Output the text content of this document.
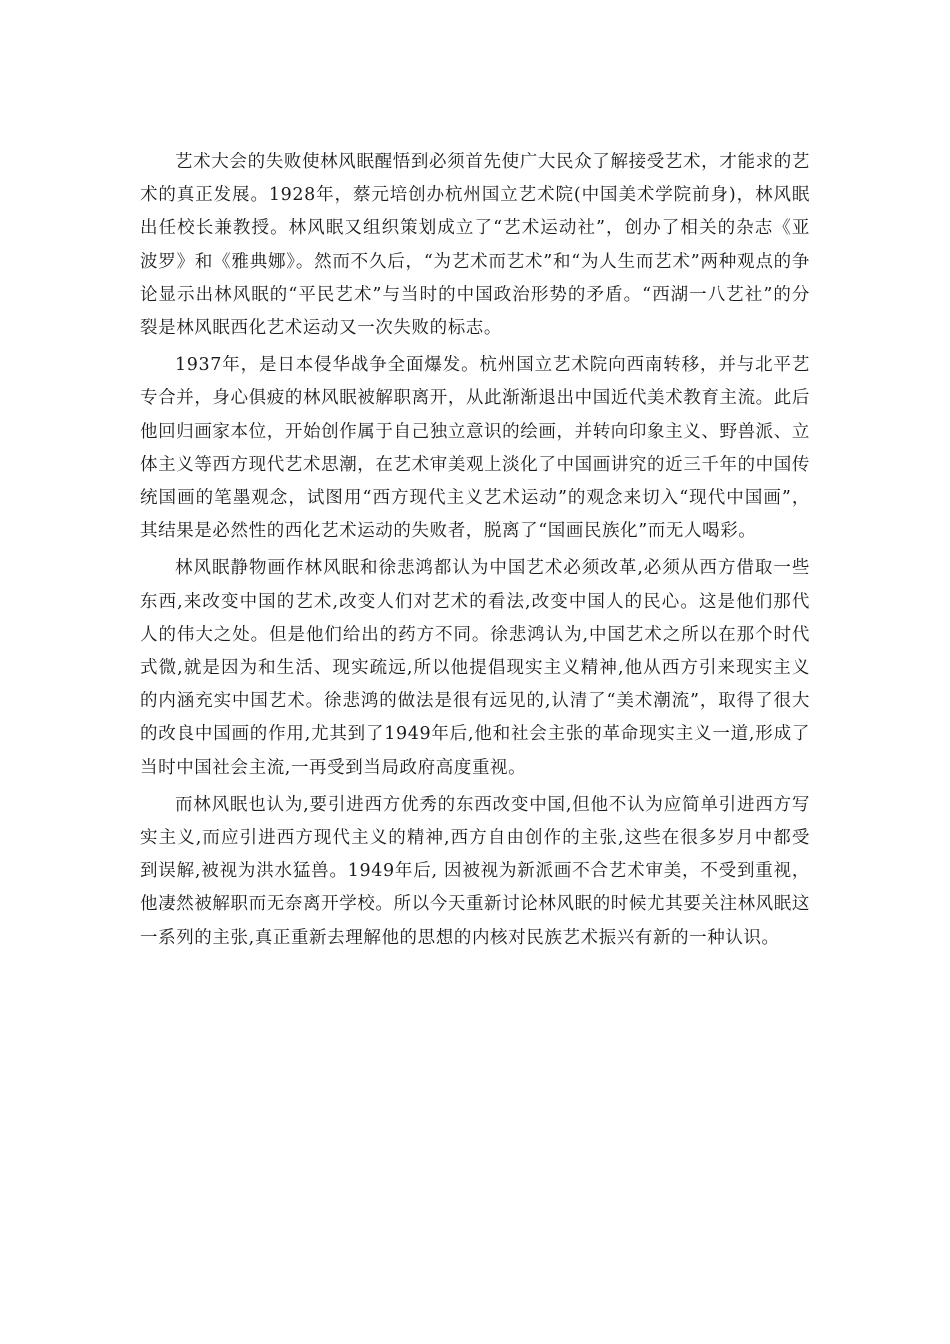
艺术大会的失败使林风眠醒悟到必须首先使广大民众了解接受艺术，才能求的艺术的真正发展。1928年，蔡元培创办杭州国立艺术院(中国美术学院前身)，林风眠出任校长兼教授。林风眠又组织策划成立了“艺术运动社”，创办了相关的杂志《亚波罗》和《雅典娜》。然而不久后，“为艺术而艺术”和“为人生而艺术”两种观点的争论显示出林风眠的“平民艺术”与当时的中国政治形势的矛盾。“西湖一八艺社”的分裂是林风眠西化艺术运动又一次失败的标志。

1937年，是日本侵华战争全面爆发。杭州国立艺术院向西南转移，并与北平艺专合并，身心俱疲的林风眠被解职离开，从此渐渐退出中国近代美术教育主流。此后他回归画家本位，开始创作属于自己独立意识的绘画，并转向印象主义、野兽派、立体主义等西方现代艺术思潮，在艺术审美观上淡化了中国画讲究的近三千年的中国传统国画的笔墨观念，试图用“西方现代主义艺术运动”的观念来切入“现代中国画”，其结果是必然性的西化艺术运动的失败者，脱离了“国画民族化”而无人喝彩。

林风眠静物画作林风眠和徐悲鸿都认为中国艺术必须改革,必须从西方借取一些东西,来改变中国的艺术,改变人们对艺术的看法,改变中国人的民心。这是他们那代人的伟大之处。但是他们给出的药方不同。徐悲鸿认为,中国艺术之所以在那个时代式微,就是因为和生活、现实疏远,所以他提倡现实主义精神,他从西方引来现实主义的内涵充实中国艺术。徐悲鸿的做法是很有远见的,认清了“美术潮流”，取得了很大的改良中国画的作用,尤其到了1949年后,他和社会主张的革命现实主义一道,形成了当时中国社会主流,一再受到当局政府高度重视。

而林风眠也认为,要引进西方优秀的东西改变中国,但他不认为应简单引进西方写实主义,而应引进西方现代主义的精神,西方自由创作的主张,这些在很多岁月中都受到误解,被视为洪水猛兽。1949年后, 因被视为新派画不合艺术审美，不受到重视， 他凄然被解职而无奈离开学校。所以今天重新讨论林风眠的时候尤其要关注林风眠这一系列的主张,真正重新去理解他的思想的内核对民族艺术振兴有新的一种认识。
